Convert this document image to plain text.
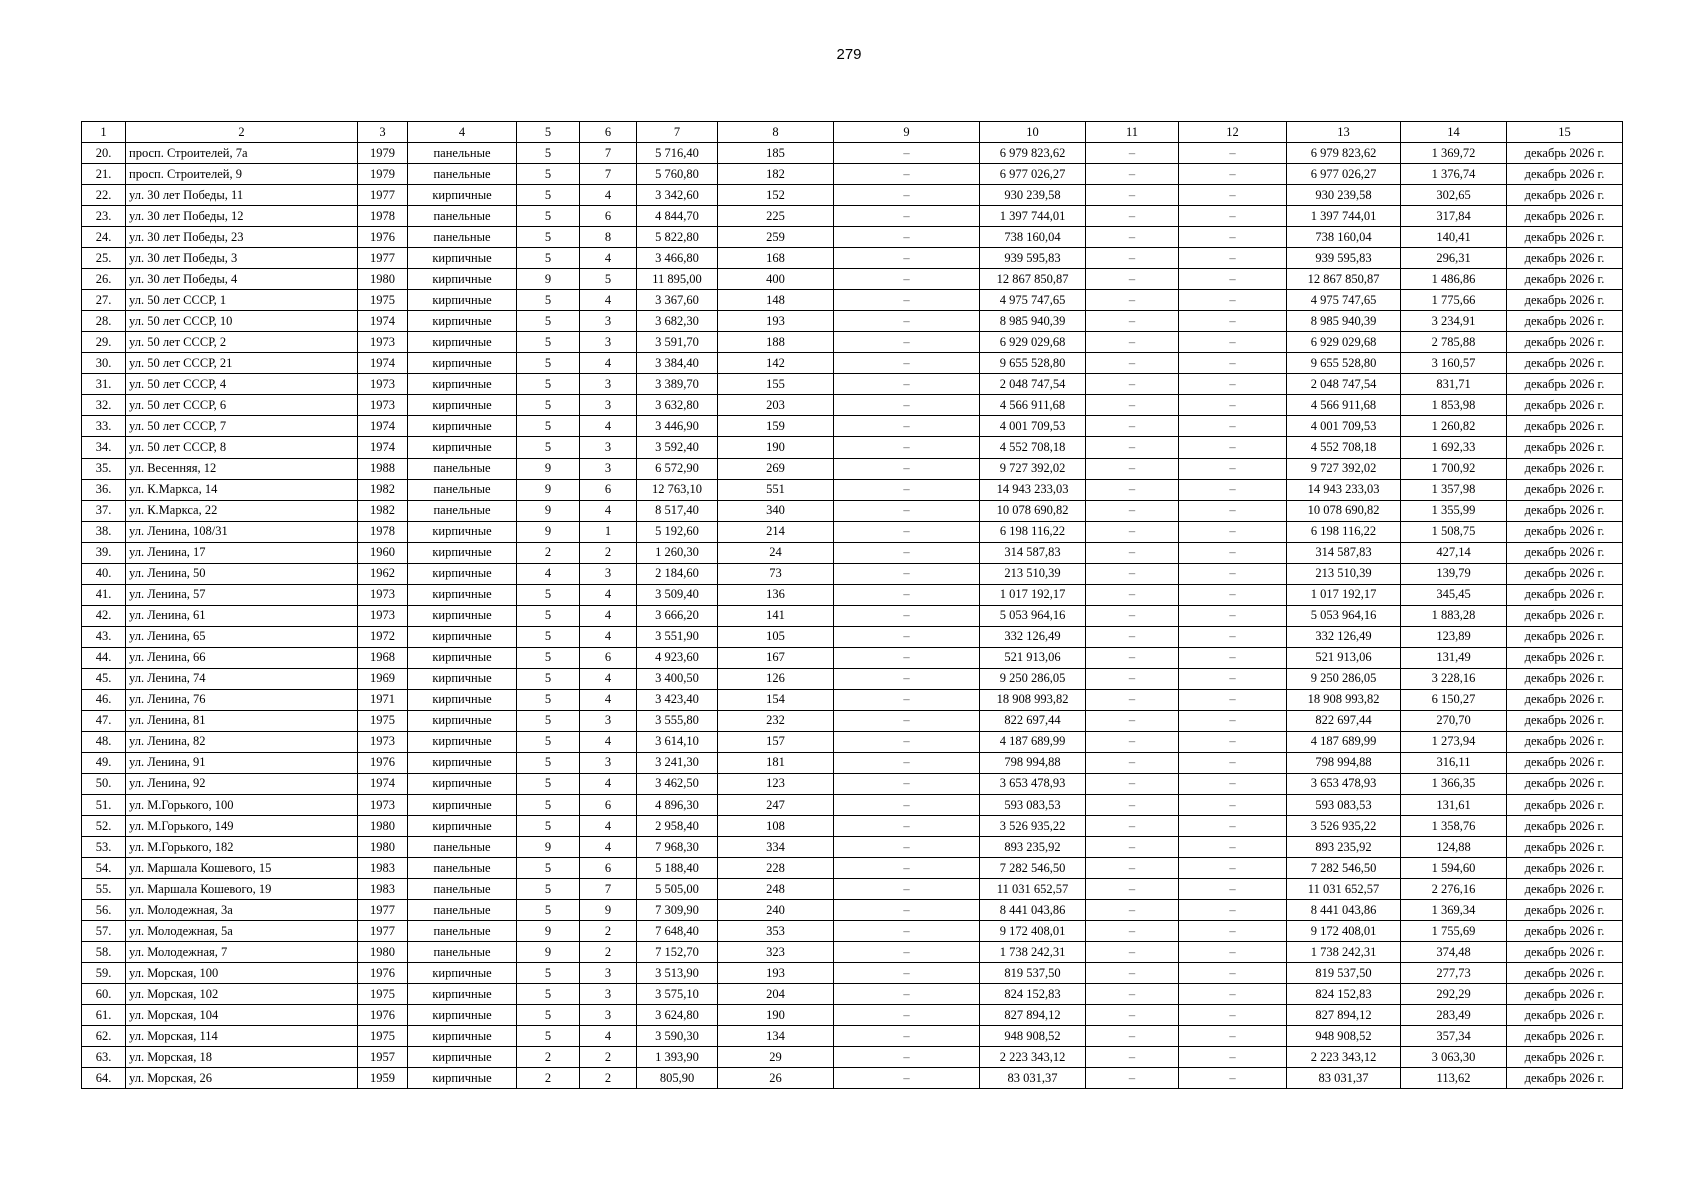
279
1	2	3	4	5	6	7	8	9	10	11	12	13	14	15
20.	просп. Строителей, 7а	1979	панельные	5	7	5 716,40	185	–	6 979 823,62	–	–	6 979 823,62	1 369,72	декабрь 2026 г.
21.	просп. Строителей, 9	1979	панельные	5	7	5 760,80	182	–	6 977 026,27	–	–	6 977 026,27	1 376,74	декабрь 2026 г.
22.	ул. 30 лет Победы, 11	1977	кирпичные	5	4	3 342,60	152	–	930 239,58	–	–	930 239,58	302,65	декабрь 2026 г.
23.	ул. 30 лет Победы, 12	1978	панельные	5	6	4 844,70	225	–	1 397 744,01	–	–	1 397 744,01	317,84	декабрь 2026 г.
24.	ул. 30 лет Победы, 23	1976	панельные	5	8	5 822,80	259	–	738 160,04	–	–	738 160,04	140,41	декабрь 2026 г.
25.	ул. 30 лет Победы, 3	1977	кирпичные	5	4	3 466,80	168	–	939 595,83	–	–	939 595,83	296,31	декабрь 2026 г.
26.	ул. 30 лет Победы, 4	1980	кирпичные	9	5	11 895,00	400	–	12 867 850,87	–	–	12 867 850,87	1 486,86	декабрь 2026 г.
27.	ул. 50 лет СССР, 1	1975	кирпичные	5	4	3 367,60	148	–	4 975 747,65	–	–	4 975 747,65	1 775,66	декабрь 2026 г.
28.	ул. 50 лет СССР, 10	1974	кирпичные	5	3	3 682,30	193	–	8 985 940,39	–	–	8 985 940,39	3 234,91	декабрь 2026 г.
29.	ул. 50 лет СССР, 2	1973	кирпичные	5	3	3 591,70	188	–	6 929 029,68	–	–	6 929 029,68	2 785,88	декабрь 2026 г.
30.	ул. 50 лет СССР, 21	1974	кирпичные	5	4	3 384,40	142	–	9 655 528,80	–	–	9 655 528,80	3 160,57	декабрь 2026 г.
31.	ул. 50 лет СССР, 4	1973	кирпичные	5	3	3 389,70	155	–	2 048 747,54	–	–	2 048 747,54	831,71	декабрь 2026 г.
32.	ул. 50 лет СССР, 6	1973	кирпичные	5	3	3 632,80	203	–	4 566 911,68	–	–	4 566 911,68	1 853,98	декабрь 2026 г.
33.	ул. 50 лет СССР, 7	1974	кирпичные	5	4	3 446,90	159	–	4 001 709,53	–	–	4 001 709,53	1 260,82	декабрь 2026 г.
34.	ул. 50 лет СССР, 8	1974	кирпичные	5	3	3 592,40	190	–	4 552 708,18	–	–	4 552 708,18	1 692,33	декабрь 2026 г.
35.	ул. Весенняя, 12	1988	панельные	9	3	6 572,90	269	–	9 727 392,02	–	–	9 727 392,02	1 700,92	декабрь 2026 г.
36.	ул. К.Маркса, 14	1982	панельные	9	6	12 763,10	551	–	14 943 233,03	–	–	14 943 233,03	1 357,98	декабрь 2026 г.
37.	ул. К.Маркса, 22	1982	панельные	9	4	8 517,40	340	–	10 078 690,82	–	–	10 078 690,82	1 355,99	декабрь 2026 г.
38.	ул. Ленина, 108/31	1978	кирпичные	9	1	5 192,60	214	–	6 198 116,22	–	–	6 198 116,22	1 508,75	декабрь 2026 г.
39.	ул. Ленина, 17	1960	кирпичные	2	2	1 260,30	24	–	314 587,83	–	–	314 587,83	427,14	декабрь 2026 г.
40.	ул. Ленина, 50	1962	кирпичные	4	3	2 184,60	73	–	213 510,39	–	–	213 510,39	139,79	декабрь 2026 г.
41.	ул. Ленина, 57	1973	кирпичные	5	4	3 509,40	136	–	1 017 192,17	–	–	1 017 192,17	345,45	декабрь 2026 г.
42.	ул. Ленина, 61	1973	кирпичные	5	4	3 666,20	141	–	5 053 964,16	–	–	5 053 964,16	1 883,28	декабрь 2026 г.
43.	ул. Ленина, 65	1972	кирпичные	5	4	3 551,90	105	–	332 126,49	–	–	332 126,49	123,89	декабрь 2026 г.
44.	ул. Ленина, 66	1968	кирпичные	5	6	4 923,60	167	–	521 913,06	–	–	521 913,06	131,49	декабрь 2026 г.
45.	ул. Ленина, 74	1969	кирпичные	5	4	3 400,50	126	–	9 250 286,05	–	–	9 250 286,05	3 228,16	декабрь 2026 г.
46.	ул. Ленина, 76	1971	кирпичные	5	4	3 423,40	154	–	18 908 993,82	–	–	18 908 993,82	6 150,27	декабрь 2026 г.
47.	ул. Ленина, 81	1975	кирпичные	5	3	3 555,80	232	–	822 697,44	–	–	822 697,44	270,70	декабрь 2026 г.
48.	ул. Ленина, 82	1973	кирпичные	5	4	3 614,10	157	–	4 187 689,99	–	–	4 187 689,99	1 273,94	декабрь 2026 г.
49.	ул. Ленина, 91	1976	кирпичные	5	3	3 241,30	181	–	798 994,88	–	–	798 994,88	316,11	декабрь 2026 г.
50.	ул. Ленина, 92	1974	кирпичные	5	4	3 462,50	123	–	3 653 478,93	–	–	3 653 478,93	1 366,35	декабрь 2026 г.
51.	ул. М.Горького, 100	1973	кирпичные	5	6	4 896,30	247	–	593 083,53	–	–	593 083,53	131,61	декабрь 2026 г.
52.	ул. М.Горького, 149	1980	кирпичные	5	4	2 958,40	108	–	3 526 935,22	–	–	3 526 935,22	1 358,76	декабрь 2026 г.
53.	ул. М.Горького, 182	1980	панельные	9	4	7 968,30	334	–	893 235,92	–	–	893 235,92	124,88	декабрь 2026 г.
54.	ул. Маршала Кошевого, 15	1983	панельные	5	6	5 188,40	228	–	7 282 546,50	–	–	7 282 546,50	1 594,60	декабрь 2026 г.
55.	ул. Маршала Кошевого, 19	1983	панельные	5	7	5 505,00	248	–	11 031 652,57	–	–	11 031 652,57	2 276,16	декабрь 2026 г.
56.	ул. Молодежная, 3а	1977	панельные	5	9	7 309,90	240	–	8 441 043,86	–	–	8 441 043,86	1 369,34	декабрь 2026 г.
57.	ул. Молодежная, 5а	1977	панельные	9	2	7 648,40	353	–	9 172 408,01	–	–	9 172 408,01	1 755,69	декабрь 2026 г.
58.	ул. Молодежная, 7	1980	панельные	9	2	7 152,70	323	–	1 738 242,31	–	–	1 738 242,31	374,48	декабрь 2026 г.
59.	ул. Морская, 100	1976	кирпичные	5	3	3 513,90	193	–	819 537,50	–	–	819 537,50	277,73	декабрь 2026 г.
60.	ул. Морская, 102	1975	кирпичные	5	3	3 575,10	204	–	824 152,83	–	–	824 152,83	292,29	декабрь 2026 г.
61.	ул. Морская, 104	1976	кирпичные	5	3	3 624,80	190	–	827 894,12	–	–	827 894,12	283,49	декабрь 2026 г.
62.	ул. Морская, 114	1975	кирпичные	5	4	3 590,30	134	–	948 908,52	–	–	948 908,52	357,34	декабрь 2026 г.
63.	ул. Морская, 18	1957	кирпичные	2	2	1 393,90	29	–	2 223 343,12	–	–	2 223 343,12	3 063,30	декабрь 2026 г.
64.	ул. Морская, 26	1959	кирпичные	2	2	805,90	26	–	83 031,37	–	–	83 031,37	113,62	декабрь 2026 г.
